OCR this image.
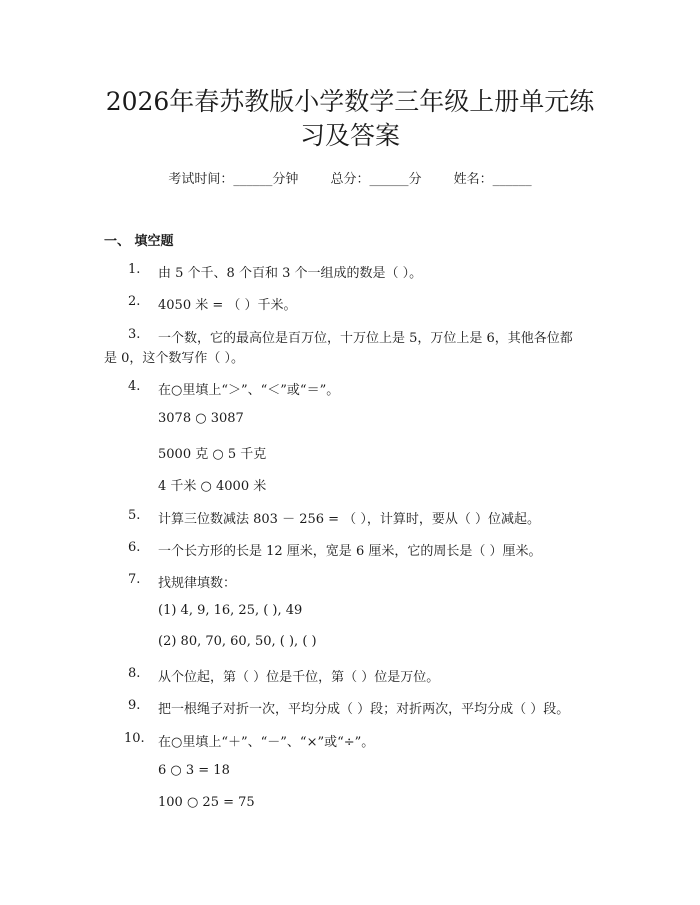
2026年春苏教版小学数学三年级上册单元练
习及答案
考试时间：______分钟 总分：______分 姓名：______
一、 填空题
1.	由 5 个千、8 个百和 3 个一组成的数是（ ）。
2.	4050 米 = （ ）千米。
3.	一个数，它的最高位是百万位，十万位上是 5，万位上是 6，其他各位都
是 0，这个数写作（ ）。
4.	在○里填上“＞”、“＜”或“＝”。
3078 ○ 3087
5000 克 ○ 5 千克
4 千米 ○ 4000 米
5.	计算三位数减法 803 － 256 = （ ），计算时，要从（ ）位减起。
6.	一个长方形的长是 12 厘米，宽是 6 厘米，它的周长是（ ）厘米。
7.	找规律填数：
(1) 4, 9, 16, 25, ( ), 49
(2) 80, 70, 60, 50, ( ), ( )
8.	从个位起，第（ ）位是千位，第（ ）位是万位。
9.	把一根绳子对折一次，平均分成（ ）段；对折两次，平均分成（ ）段。
10. 在○里填上“＋”、“－”、“×”或“÷”。
6 ○ 3 = 18
100 ○ 25 = 75
